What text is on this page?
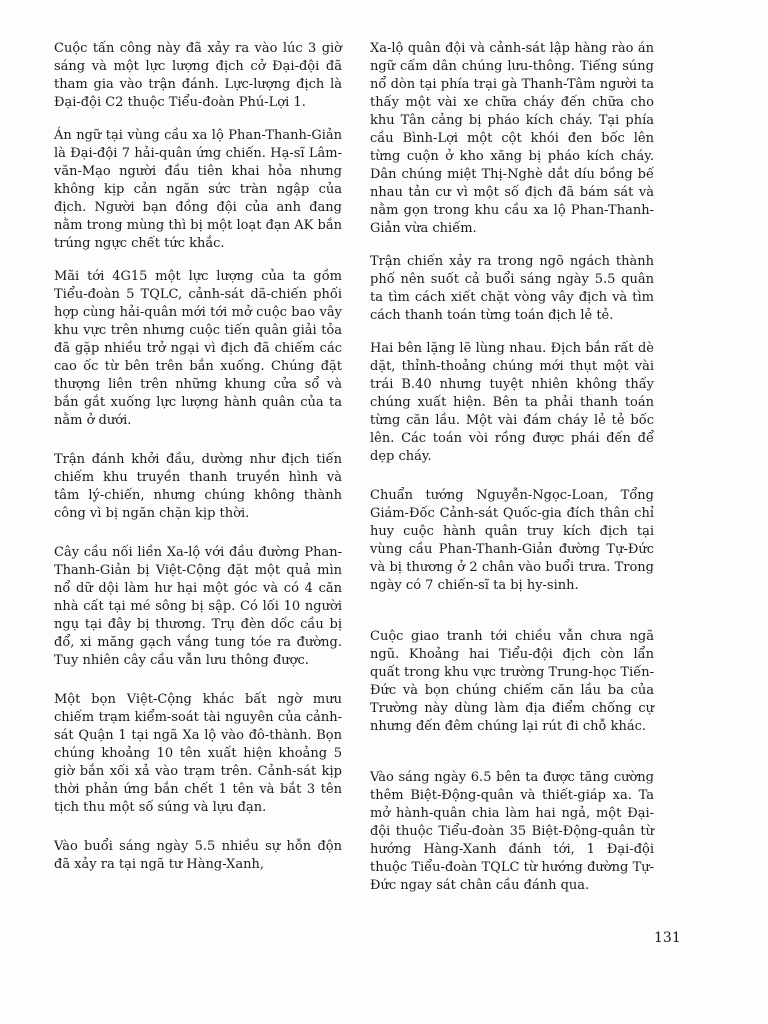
Cuộc tấn công này đã xảy ra vào lúc 3 giờ sáng và một lực lượng địch cở Đại-đội đã tham gia vào trận đánh. Lực-lượng địch là Đại-đội C2 thuộc Tiểu-đoàn Phú-Lợi 1.

Án ngữ tại vùng cầu xa lộ Phan-Thanh-Giản là Đại-đội 7 hải-quân ứng chiến. Hạ-sĩ Lâm-văn-Mạo người đầu tiên khai hỏa nhưng không kịp cản ngăn sức tràn ngập của địch. Người bạn đồng đội của anh đang nằm trong mùng thì bị một loạt đạn AK bắn trúng ngực chết tức khắc.

Mãi tới 4G15 một lực lượng của ta gồm Tiểu-đoàn 5 TQLC, cảnh-sát dã-chiến phối hợp cùng hải-quân mới tới mở cuộc bao vây khu vực trên nhưng cuộc tiến quân giải tỏa đã gặp nhiều trở ngại vì địch đã chiếm các cao ốc từ bên trên bắn xuống. Chúng đặt thượng liên trên những khung cửa sổ và bắn gắt xuống lực lượng hành quân của ta nằm ở dưới.

Trận đánh khởi đầu, dường như địch tiến chiếm khu truyền thanh truyền hình và tâm lý-chiến, nhưng chúng không thành công vì bị ngăn chặn kịp thời.

Cây cầu nối liền Xa-lộ với đầu đường Phan-Thanh-Giản bị Việt-Cộng đặt một quả mìn nổ dữ dội làm hư hại một góc và có 4 căn nhà cất tại mé sông bị sập. Có lối 10 người ngụ tại đây bị thương. Trụ đèn dốc cầu bị đổ, xi măng gạch vắng tung tóe ra đường. Tuy nhiên cây cầu vẫn lưu thông được.

Một bọn Việt-Cộng khác bất ngờ mưu chiếm trạm kiểm-soát tài nguyên của cảnh-sát Quận 1 tại ngã Xa lộ vào đô-thành. Bọn chúng khoảng 10 tên xuất hiện khoảng 5 giờ bắn xối xả vào trạm trên. Cảnh-sát kịp thời phản ứng bắn chết 1 tên và bắt 3 tên tịch thu một số súng và lựu đạn.

Vào buổi sáng ngày 5.5 nhiều sự hỗn độn đã xảy ra tại ngã tư Hàng-Xanh,

Xa-lộ quân đội và cảnh-sát lập hàng rào án ngữ cấm dân chúng lưu-thông. Tiếng súng nổ dòn tại phía trại gà Thanh-Tâm người ta thấy một vài xe chữa cháy đến chữa cho khu Tân cảng bị pháo kích cháy. Tại phía cầu Bình-Lợi một cột khói đen bốc lên từng cuộn ở kho xăng bị pháo kích cháy. Dân chúng miệt Thị-Nghè dắt díu bồng bế nhau tản cư vì một số địch đã bám sát và nằm gọn trong khu cầu xa lộ Phan-Thanh-Giản vừa chiếm.

Trận chiến xảy ra trong ngõ ngách thành phố nên suốt cả buổi sáng ngày 5.5 quân ta tìm cách xiết chặt vòng vây địch và tìm cách thanh toán từng toán địch lẻ tẻ.

Hai bên lặng lẽ lùng nhau. Địch bắn rất dè dặt, thỉnh-thoảng chúng mới thụt một vài trái B.40 nhưng tuyệt nhiên không thấy chúng xuất hiện. Bên ta phải thanh toán từng căn lầu. Một vài đám cháy lẻ tẻ bốc lên. Các toán vòi rồng được phái đến để dẹp cháy.

Chuẩn tướng Nguyễn-Ngọc-Loan, Tổng Giám-Đốc Cảnh-sát Quốc-gia đích thân chỉ huy cuộc hành quân truy kích địch tại vùng cầu Phan-Thanh-Giản đường Tự-Đức và bị thương ở 2 chân vào buổi trưa. Trong ngày có 7 chiến-sĩ ta bị hy-sinh.

Cuộc giao tranh tới chiều vẫn chưa ngã ngũ. Khoảng hai Tiểu-đội địch còn lẩn quất trong khu vực trường Trung-học Tiến-Đức và bọn chúng chiếm căn lầu ba của Trường này dùng làm địa điểm chống cự nhưng đến đêm chúng lại rút đi chỗ khác.

Vào sáng ngày 6.5 bên ta được tăng cường thêm Biệt-Động-quân và thiết-giáp xa. Ta mở hành-quân chia làm hai ngả, một Đại-đội thuộc Tiểu-đoàn 35 Biệt-Động-quân từ hướng Hàng-Xanh đánh tới, 1 Đại-đội thuộc Tiểu-đoàn TQLC từ hướng đường Tự-Đức ngay sát chân cầu đánh qua.

131
